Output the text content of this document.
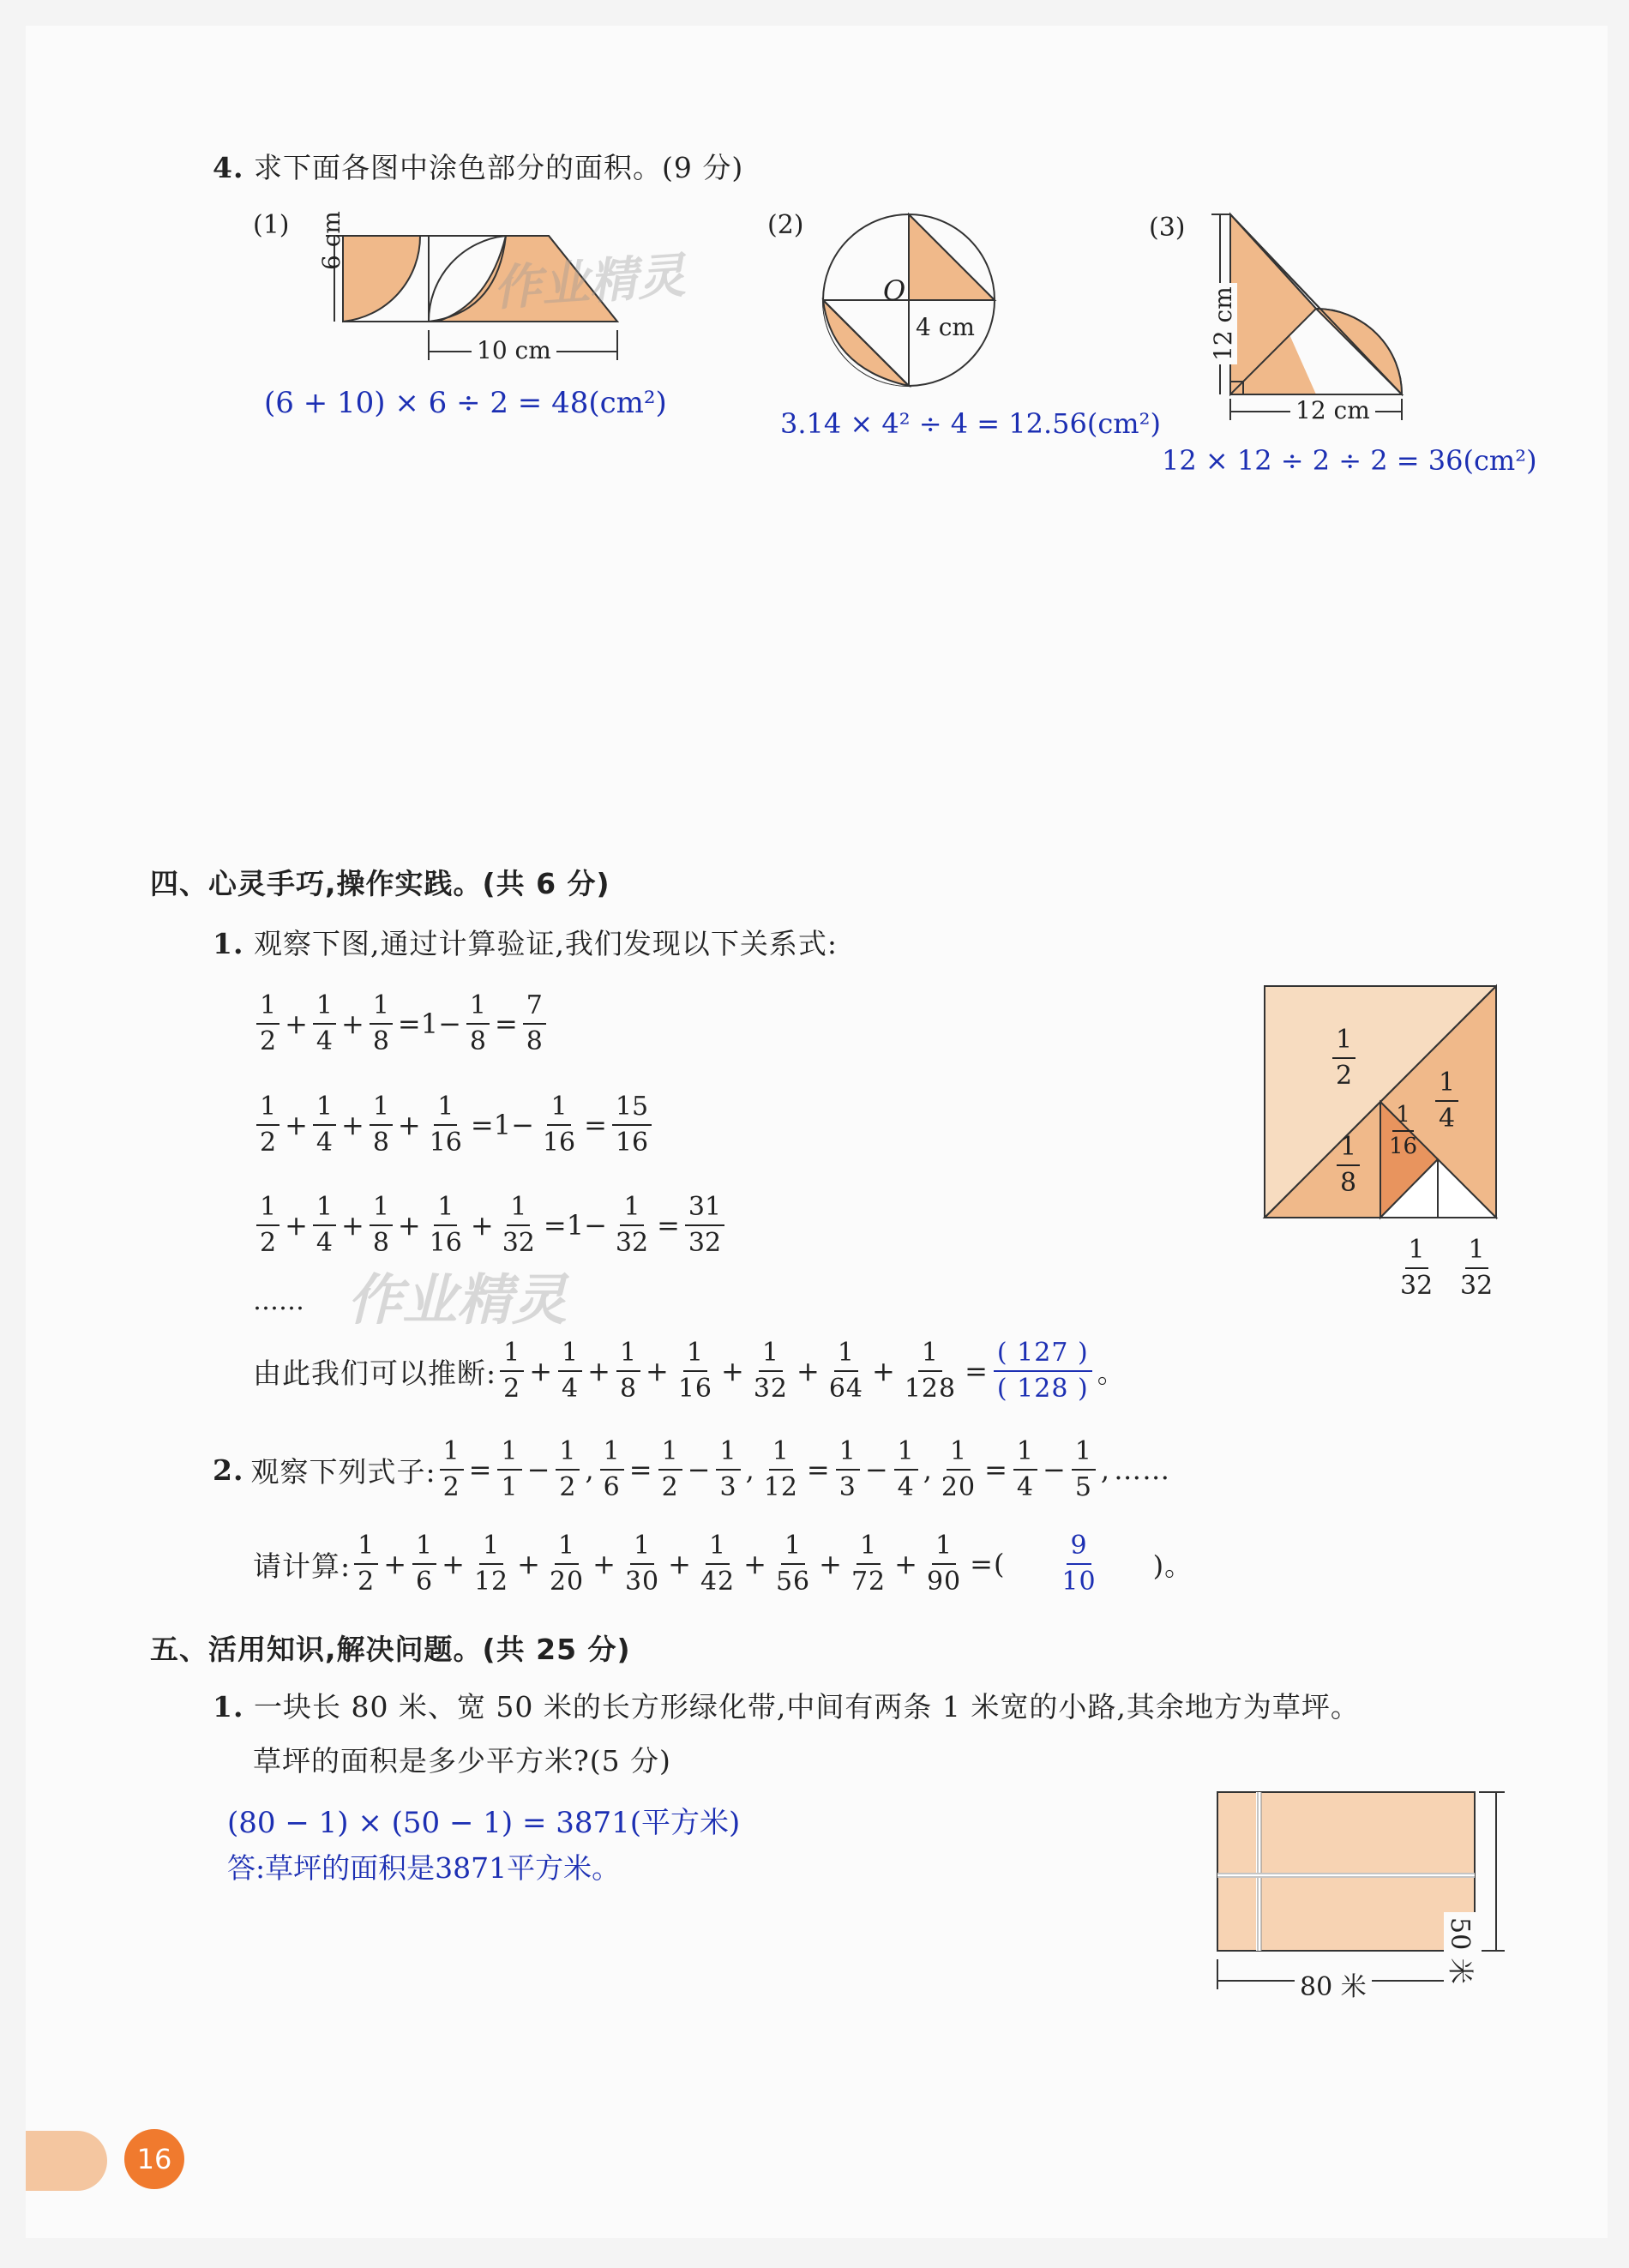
4. 求下面各图中涂色部分的面积。(9 分)
(1) 6 cm
10 cm
(6 + 10) × 6 ÷ 2 = 48(cm²)
作业精灵
(2)
O
4 cm
3.14 × 4² ÷ 4 = 12.56(cm²)
(3)
12 cm
12 cm
12 × 12 ÷ 2 ÷ 2 = 36(cm²)
四、心灵手巧,操作实践。(共 6 分)
1. 观察下图,通过计算验证,我们发现以下关系式:
$\frac{1}{2} + \frac{1}{4} + \frac{1}{8} =1- \frac{1}{8} = \frac{7}{8}$
$\frac{1}{2} + \frac{1}{4} + \frac{1}{8} + \frac{1}{16} =1- \frac{1}{16} = \frac{15}{16}$
$\frac{1}{2} + \frac{1}{4} + \frac{1}{8} + \frac{1}{16} + \frac{1}{32} =1- \frac{1}{32} = \frac{31}{32}$
…… 作业精灵
由此我们可以推断: $\frac{1}{2} + \frac{1}{4} + \frac{1}{8} + \frac{1}{16} + \frac{1}{32} + \frac{1}{64} + \frac{1}{128} = \frac{( 127 )}{( 128 )}$ 。
$\frac{1}{2}$
$\frac{1}{4}$
$\frac{1}{8}$
$\frac{1}{16}$
$\frac{1}{32} \frac{1}{32}$
2. 观察下列式子: $\frac{1}{2} = \frac{1}{1} - \frac{1}{2}$ , $\frac{1}{6} = \frac{1}{2} - \frac{1}{3}$ , $\frac{1}{12} = \frac{1}{3} - \frac{1}{4}$ , $\frac{1}{20} = \frac{1}{4} - \frac{1}{5}$ , ……
请计算: $\frac{1}{2} + \frac{1}{6} + \frac{1}{12} + \frac{1}{20} + \frac{1}{30} + \frac{1}{42} + \frac{1}{56} + \frac{1}{72} + \frac{1}{90}$ =( $\frac{9}{10}$ )。
五、活用知识,解决问题。(共 25 分)
1. 一块长 80 米、宽 50 米的长方形绿化带,中间有两条 1 米宽的小路,其余地方为草坪。
草坪的面积是多少平方米?(5 分)
(80 − 1) × (50 − 1) = 3871(平方米)
答:草坪的面积是3871平方米。
80 米
50 米
16
